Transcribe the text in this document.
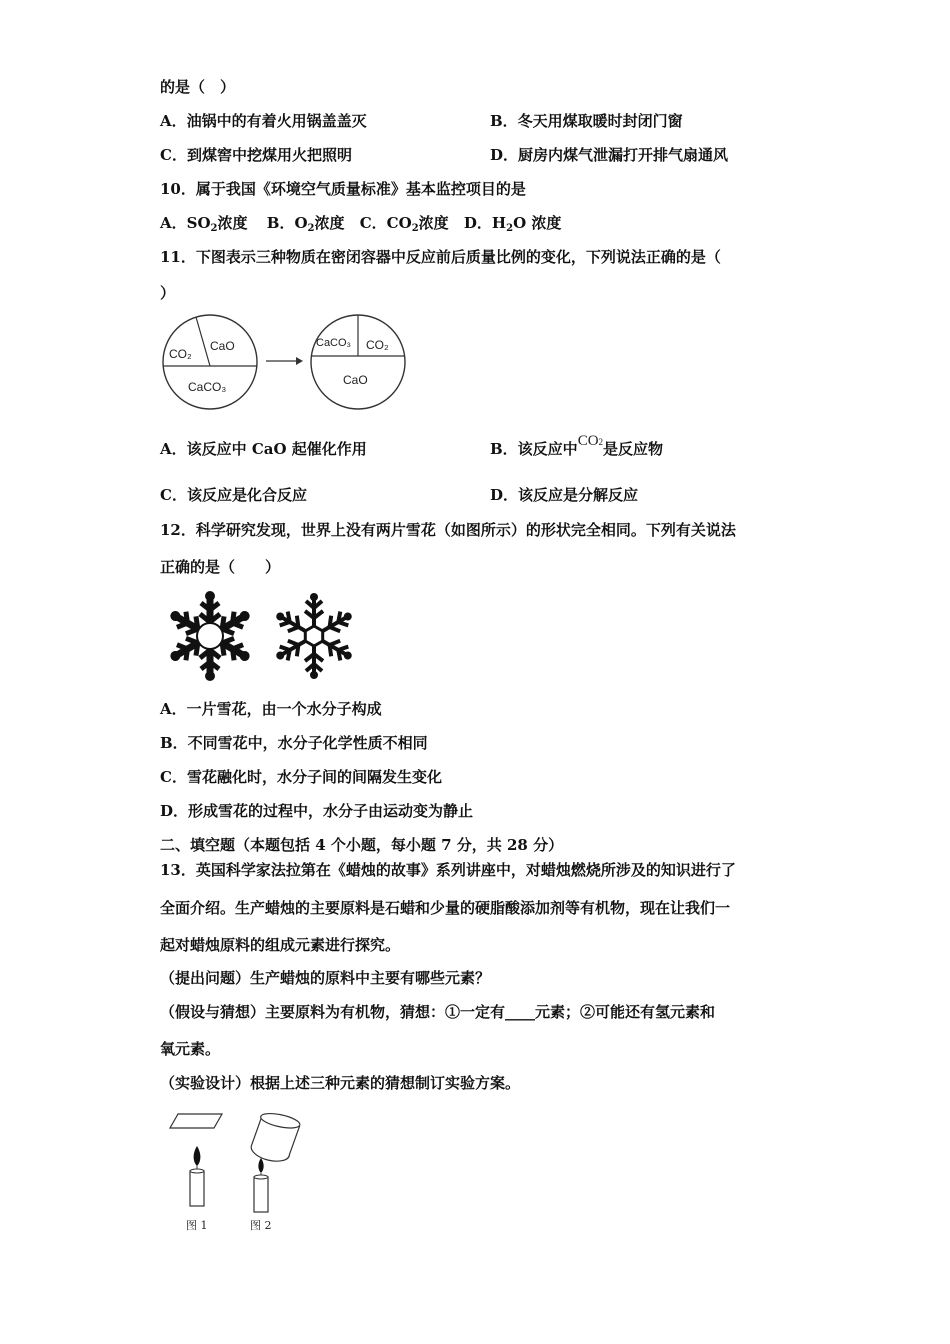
的是（　）
A．油锅中的有着火用锅盖盖灭	B．冬天用煤取暖时封闭门窗
C．到煤窖中挖煤用火把照明	D．厨房内煤气泄漏打开排气扇通风
10．属于我国《环境空气质量标准》基本监控项目的是
A．$SO_2$浓度 B．$O_2$浓度 C．$CO_2$浓度 D．$H_2O$ 浓度
11．下图表示三种物质在密闭容器中反应前后质量比例的变化，下列说法正确的是（
）
CO₂
CaO
CaCO₃
CaCO₃ CO₂
CaO
A．该反应中 CaO 起催化作用	B．该反应中CO2是反应物
C．该反应是化合反应	D．该反应是分解反应
12．科学研究发现，世界上没有两片雪花（如图所示）的形状完全相同。下列有关说法
正确的是（　　）
A．一片雪花，由一个水分子构成
B．不同雪花中，水分子化学性质不相同
C．雪花融化时，水分子间的间隔发生变化
D．形成雪花的过程中，水分子由运动变为静止
二、填空题（本题包括 4 个小题，每小题 7 分，共 28 分）
13．英国科学家法拉第在《蜡烛的故事》系列讲座中，对蜡烛燃烧所涉及的知识进行了
全面介绍。生产蜡烛的主要原料是石蜡和少量的硬脂酸添加剂等有机物，现在让我们一
起对蜡烛原料的组成元素进行探究。
（提出问题）生产蜡烛的原料中主要有哪些元素？
（假设与猜想）主要原料为有机物，猜想：①一定有____元素；②可能还有氢元素和
氧元素。
（实验设计）根据上述三种元素的猜想制订实验方案。
图 1	图 2
